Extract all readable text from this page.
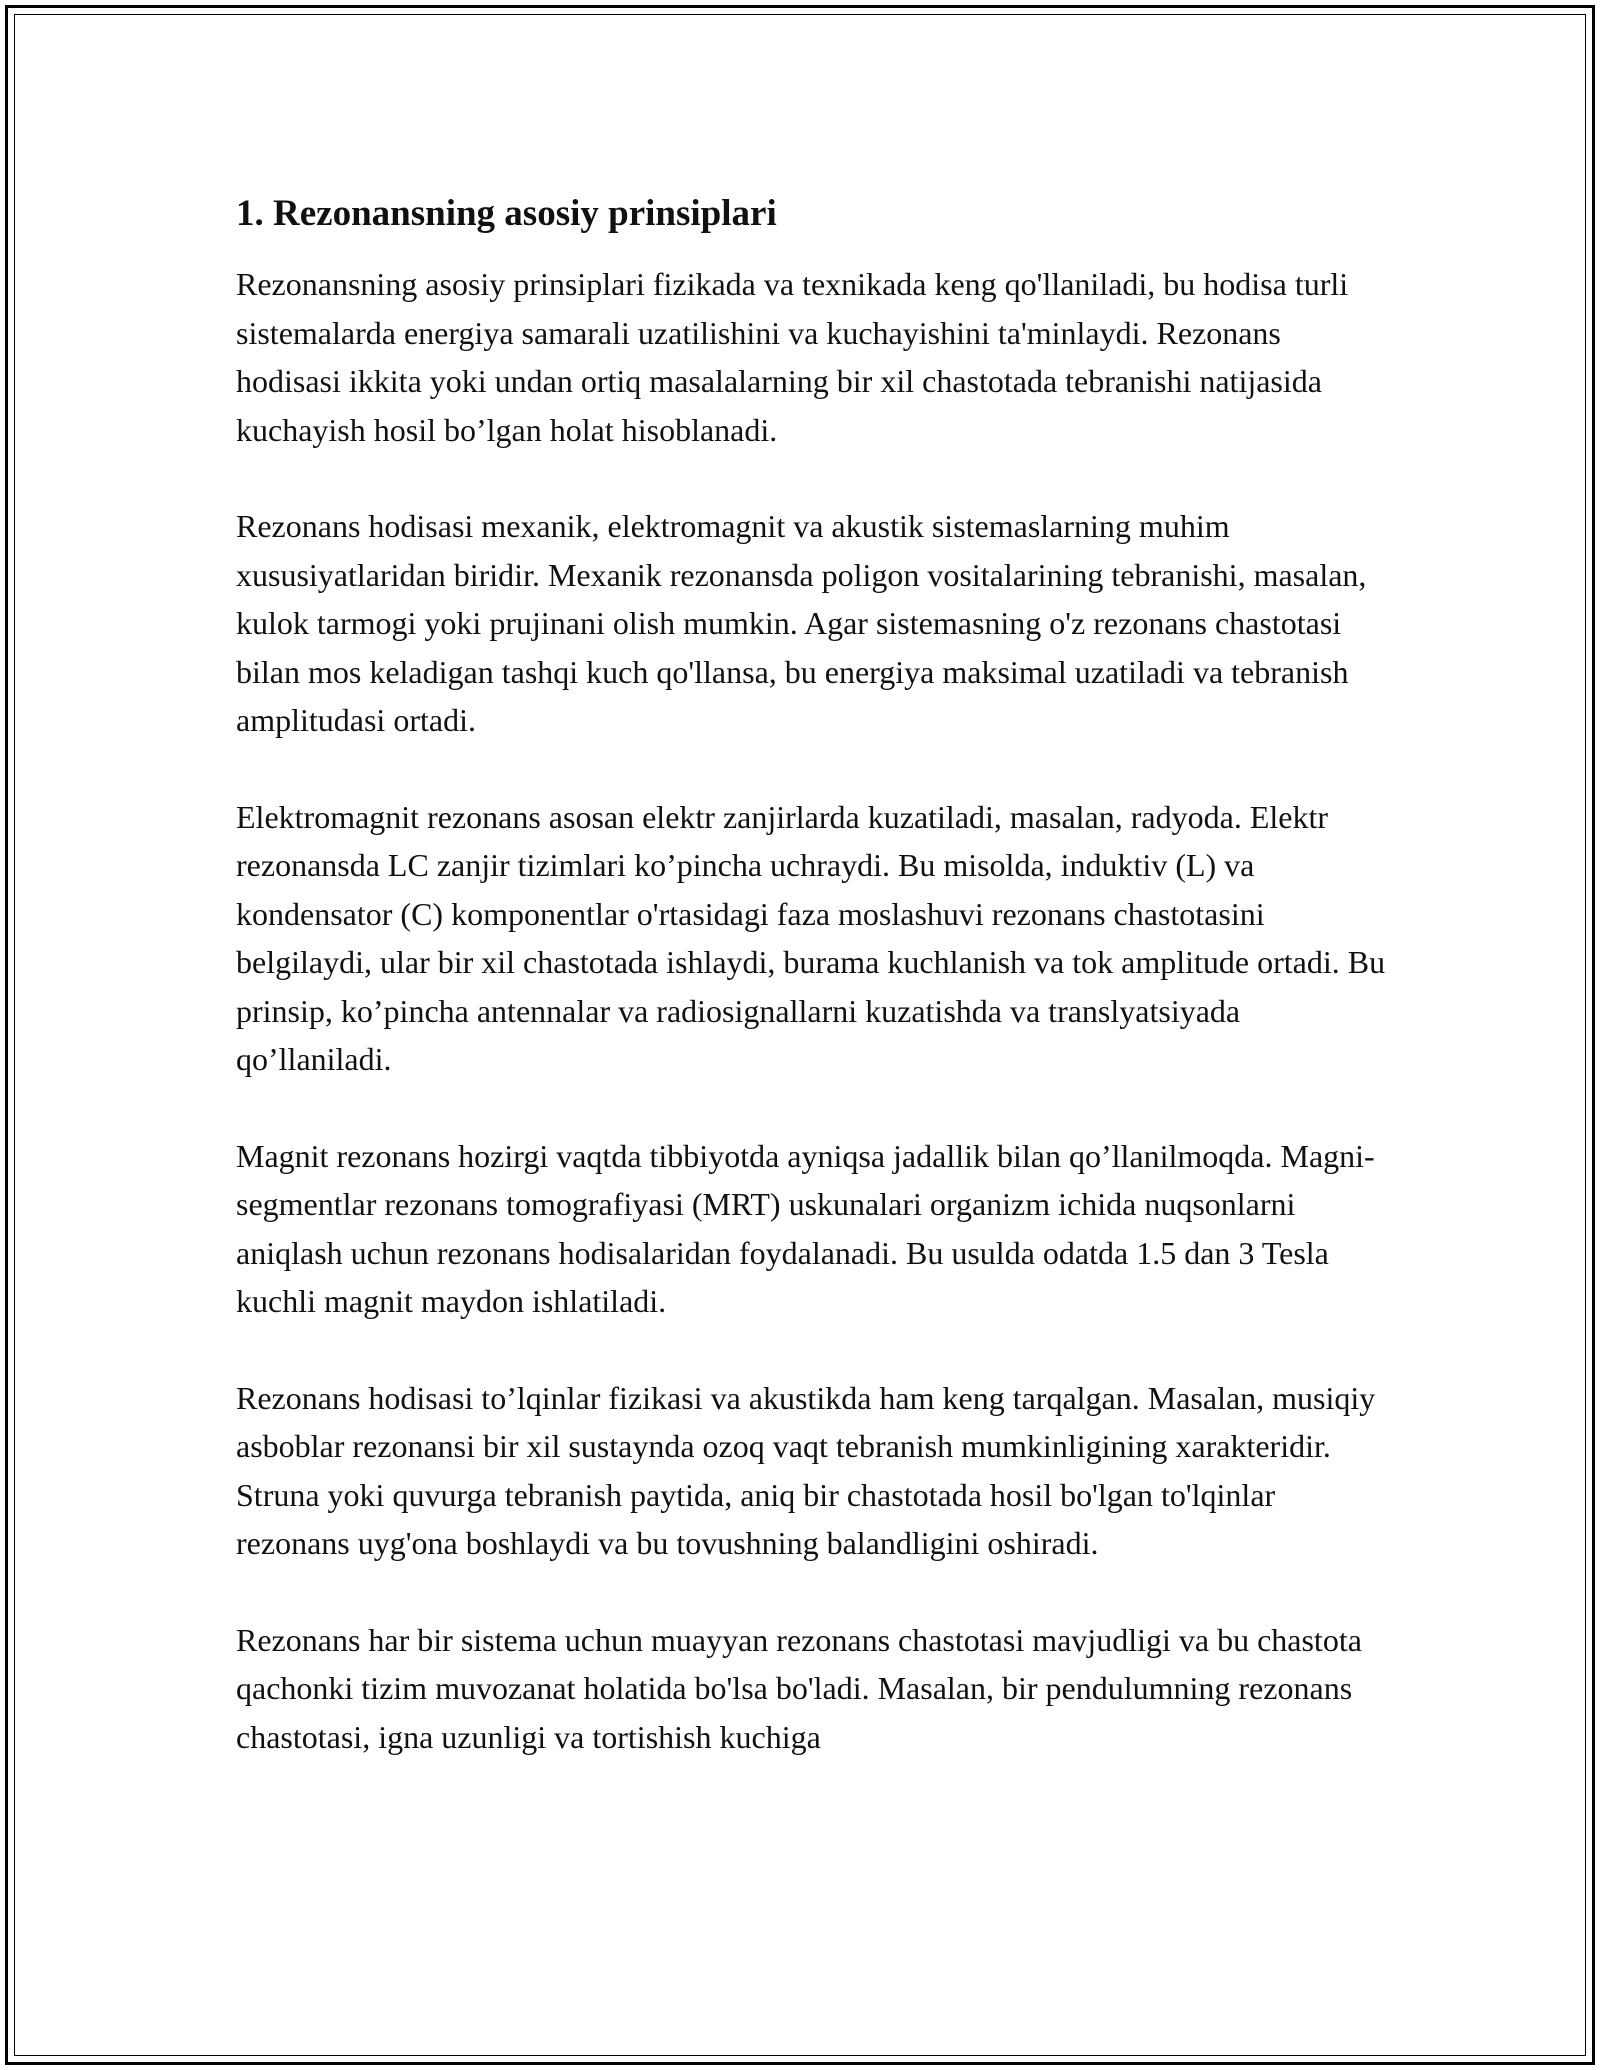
1. Rezonansning asosiy prinsiplari

Rezonansning asosiy prinsiplari fizikada va texnikada keng qo'llaniladi, bu hodisa turli sistemalarda energiya samarali uzatilishini va kuchayishini ta'minlaydi. Rezonans hodisasi ikkita yoki undan ortiq masalalarning bir xil chastotada tebranishi natijasida kuchayish hosil bo’lgan holat hisoblanadi.

Rezonans hodisasi mexanik, elektromagnit va akustik sistemaslarning muhim xususiyatlaridan biridir. Mexanik rezonansda poligon vositalarining tebranishi, masalan, kulok tarmogi yoki prujinani olish mumkin. Agar sistemasning o'z rezonans chastotasi bilan mos keladigan tashqi kuch qo'llansa, bu energiya maksimal uzatiladi va tebranish amplitudasi ortadi.

Elektromagnit rezonans asosan elektr zanjirlarda kuzatiladi, masalan, radyoda. Elektr rezonansda LC zanjir tizimlari ko’pincha uchraydi. Bu misolda, induktiv (L) va kondensator (C) komponentlar o'rtasidagi faza moslashuvi rezonans chastotasini belgilaydi, ular bir xil chastotada ishlaydi, burama kuchlanish va tok amplitude ortadi. Bu prinsip, ko’pincha antennalar va radiosignallarni kuzatishda va translyatsiyada qo’llaniladi.

Magnit rezonans hozirgi vaqtda tibbiyotda ayniqsa jadallik bilan qo’llanilmoqda. Magni-segmentlar rezonans tomografiyasi (MRT) uskunalari organizm ichida nuqsonlarni aniqlash uchun rezonans hodisalaridan foydalanadi. Bu usulda odatda 1.5 dan 3 Tesla kuchli magnit maydon ishlatiladi.

Rezonans hodisasi to’lqinlar fizikasi va akustikda ham keng tarqalgan. Masalan, musiqiy asboblar rezonansi bir xil sustaynda ozoq vaqt tebranish mumkinligining xarakteridir. Struna yoki quvurga tebranish paytida, aniq bir chastotada hosil bo'lgan to'lqinlar rezonans uyg'ona boshlaydi va bu tovushning balandligini oshiradi.

Rezonans har bir sistema uchun muayyan rezonans chastotasi mavjudligi va bu chastota qachonki tizim muvozanat holatida bo'lsa bo'ladi. Masalan, bir pendulumning rezonans chastotasi, igna uzunligi va tortishish kuchiga
